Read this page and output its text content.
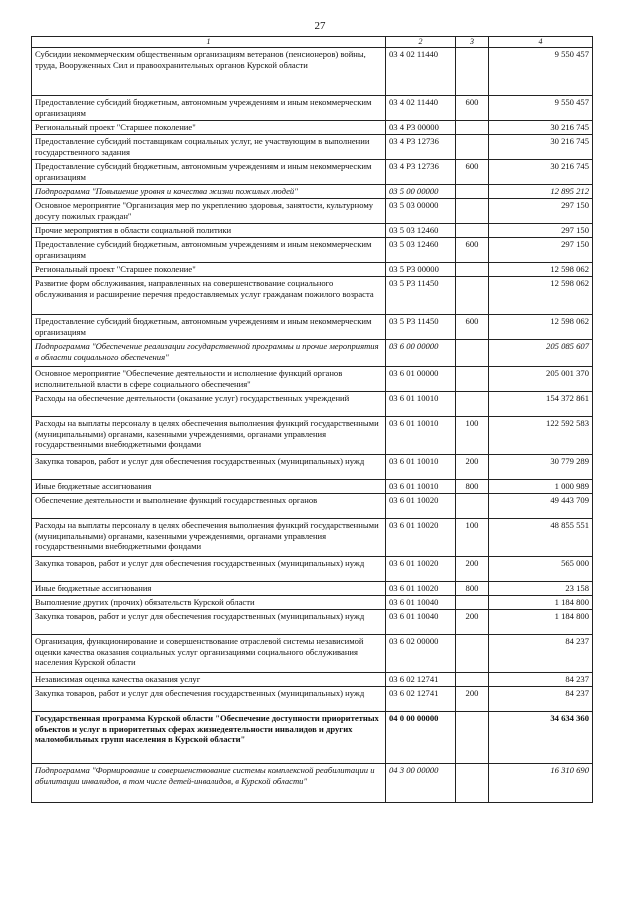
27
1	2	3	4
Субсидии некоммерческим общественным организациям ветеранов (пенсионеров) войны, труда, Вооруженных Сил и правоохранительных органов Курской области	03 4 02 11440		9 550 457
Предоставление субсидий бюджетным, автономным учреждениям и иным некоммерческим организациям	03 4 02 11440	600	9 550 457
Региональный проект "Старшее поколение"	03 4 P3 00000		30 216 745
Предоставление субсидий поставщикам социальных услуг, не участвующим в выполнении государственного задания	03 4 P3 12736		30 216 745
Предоставление субсидий бюджетным, автономным учреждениям и иным некоммерческим организациям	03 4 P3 12736	600	30 216 745
Подпрограмма "Повышение уровня и качества жизни пожилых людей"	03 5 00 00000		12 895 212
Основное мероприятие "Организация мер по укреплению здоровья, занятости, культурному досугу пожилых граждан"	03 5 03 00000		297 150
Прочие мероприятия в области социальной политики	03 5 03 12460		297 150
Предоставление субсидий бюджетным, автономным учреждениям и иным некоммерческим организациям	03 5 03 12460	600	297 150
Региональный проект "Старшее поколение"	03 5 P3 00000		12 598 062
Развитие форм обслуживания, направленных на совершенствование социального обслуживания и расширение перечня предоставляемых услуг гражданам пожилого возраста	03 5 P3 11450		12 598 062
Предоставление субсидий бюджетным, автономным учреждениям и иным некоммерческим организациям	03 5 P3 11450	600	12 598 062
Подпрограмма "Обеспечение реализации государственной программы и прочие мероприятия в области социального обеспечения"	03 6 00 00000		205 085 607
Основное мероприятие "Обеспечение деятельности и исполнение функций органов исполнительной власти в сфере социального обеспечения"	03 6 01 00000		205 001 370
Расходы на обеспечение деятельности (оказание услуг) государственных учреждений	03 6 01 10010		154 372 861
Расходы на выплаты персоналу в целях обеспечения выполнения функций государственными (муниципальными) органами, казенными учреждениями, органами управления государственными внебюджетными фондами	03 6 01 10010	100	122 592 583
Закупка товаров, работ и услуг для обеспечения государственных (муниципальных) нужд	03 6 01 10010	200	30 779 289
Иные бюджетные ассигнования	03 6 01 10010	800	1 000 989
Обеспечение деятельности и выполнение функций государственных органов	03 6 01 10020		49 443 709
Расходы на выплаты персоналу в целях обеспечения выполнения функций государственными (муниципальными) органами, казенными учреждениями, органами управления государственными внебюджетными фондами	03 6 01 10020	100	48 855 551
Закупка товаров, работ и услуг для обеспечения государственных (муниципальных) нужд	03 6 01 10020	200	565 000
Иные бюджетные ассигнования	03 6 01 10020	800	23 158
Выполнение других (прочих) обязательств Курской области	03 6 01 10040		1 184 800
Закупка товаров, работ и услуг для обеспечения государственных (муниципальных) нужд	03 6 01 10040	200	1 184 800
Организация, функционирование и совершенствование отраслевой системы независимой оценки качества оказания социальных услуг организациями социального обслуживания населения Курской области	03 6 02 00000		84 237
Независимая оценка качества оказания услуг	03 6 02 12741		84 237
Закупка товаров, работ и услуг для обеспечения государственных (муниципальных) нужд	03 6 02 12741	200	84 237
Государственная программа Курской области "Обеспечение доступности приоритетных объектов и услуг в приоритетных сферах жизнедеятельности инвалидов и других маломобильных групп населения в Курской области"	04 0 00 00000		34 634 360
Подпрограмма "Формирование и совершенствование системы комплексной реабилитации и абилитации инвалидов, в том числе детей-инвалидов, в Курской области"	04 3 00 00000		16 310 690
